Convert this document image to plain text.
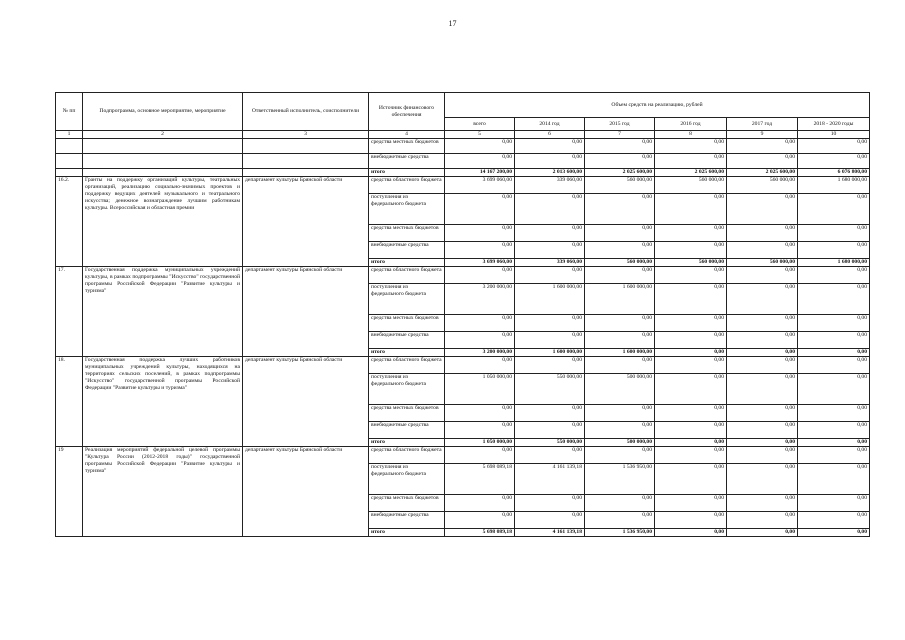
17
№ пп	Подпрограмма, основное мероприятие, мероприятие	Ответственный исполнитель, соисполнители	Источник финансового обеспечения	Объем средств на реализацию, рублей					
				всего	2014 год	2015 год	2016 год	2017 год	2018 - 2020 годы
1	2	3	4	5	6	7	8	9	10
			средства местных бюджетов	0,00	0,00	0,00	0,00	0,00	0,00
			внебюджетные средства	0,00	0,00	0,00	0,00	0,00	0,00
			итого	14 167 200,00	2 013 600,00	2 025 600,00	2 025 600,00	2 025 600,00	6 076 800,00
16.2.	Гранты на поддержку организаций культуры, театральных организаций, реализацию социально-значимых проектов и поддержку ведущих деятелей музыкального и театрального искусства; денежное вознаграждение лучшим работникам культуры. Всероссийская и областная премии	департамент культуры Брянской области	средства областного бюджета	3 699 060,00	339 060,00	560 000,00	560 000,00	560 000,00	1 680 000,00
			поступления из федерального бюджета	0,00	0,00	0,00	0,00	0,00	0,00
			средства местных бюджетов	0,00	0,00	0,00	0,00	0,00	0,00
			внебюджетные средства	0,00	0,00	0,00	0,00	0,00	0,00
			итого	3 699 060,00	339 060,00	560 000,00	560 000,00	560 000,00	1 680 000,00
17.	Государственная поддержка муниципальных учреждений культуры, в рамках подпрограммы "Искусство" государственной программы Российской Федерации "Развитие культуры и туризма"	департамент культуры Брянской области	средства областного бюджета	0,00	0,00	0,00	0,00	0,00	0,00
			поступления из федерального бюджета	3 200 000,00	1 600 000,00	1 600 000,00	0,00	0,00	0,00
			средства местных бюджетов	0,00	0,00	0,00	0,00	0,00	0,00
			внебюджетные средства	0,00	0,00	0,00	0,00	0,00	0,00
			итого	3 200 000,00	1 600 000,00	1 600 000,00	0,00	0,00	0,00
18.	Государственная поддержка лучших работников муниципальных учреждений культуры, находящихся на территориях сельских поселений, в рамках подпрограммы "Искусство" государственной программы Российской Федерации "Развитие культуры и туризма"	департамент культуры Брянской области	средства областного бюджета	0,00	0,00	0,00	0,00	0,00	0,00
			поступления из федерального бюджета	1 050 000,00	550 000,00	500 000,00	0,00	0,00	0,00
			средства местных бюджетов	0,00	0,00	0,00	0,00	0,00	0,00
			внебюджетные средства	0,00	0,00	0,00	0,00	0,00	0,00
			итого	1 050 000,00	550 000,00	500 000,00	0,00	0,00	0,00
19	Реализация мероприятий федеральной целевой программы "Культура России (2012-2018 годы)" государственной программы Российской Федерации "Развитие культуры и туризма"	департамент культуры Брянской области	средства областного бюджета	0,00	0,00	0,00	0,00	0,00	0,00
			поступления из федерального бюджета	5 698 089,18	4 161 139,18	1 536 950,00	0,00	0,00	0,00
			средства местных бюджетов	0,00	0,00	0,00	0,00	0,00	0,00
			внебюджетные средства	0,00	0,00	0,00	0,00	0,00	0,00
			итого	5 698 089,18	4 161 139,18	1 536 950,00	0,00	0,00	0,00
